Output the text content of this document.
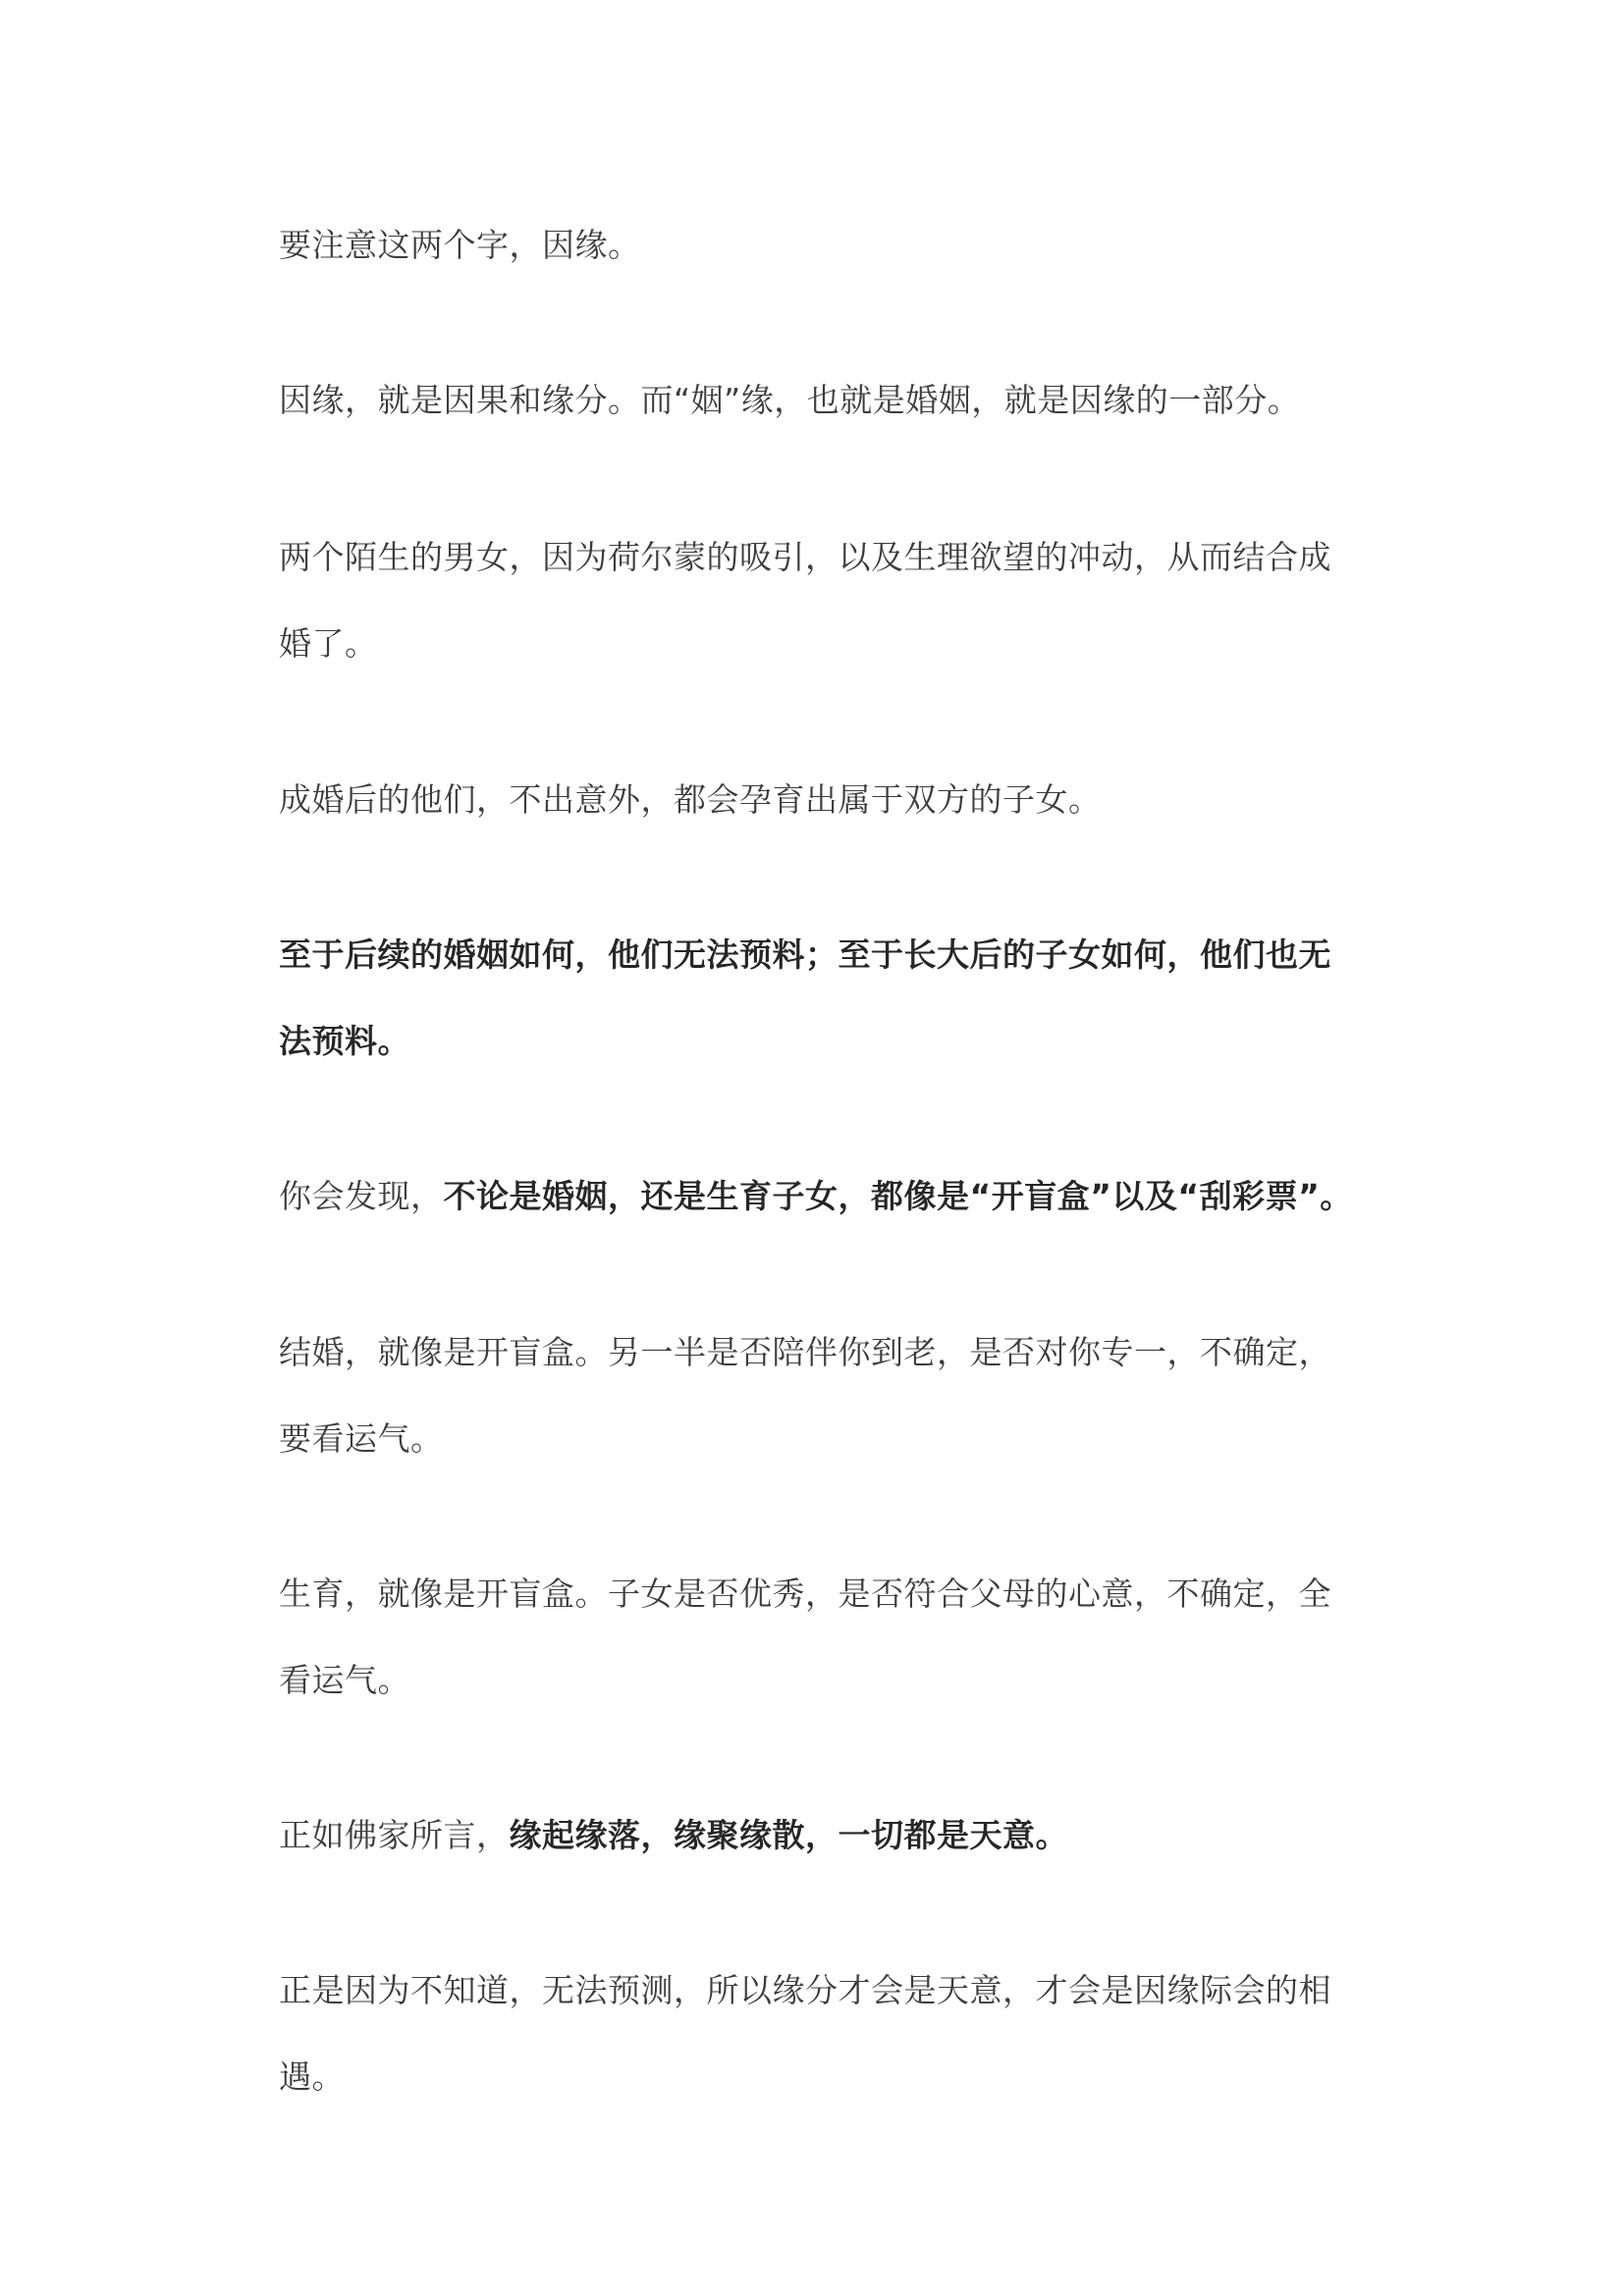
要注意这两个字，因缘。

因缘，就是因果和缘分。而“姻”缘，也就是婚姻，就是因缘的一部分。

两个陌生的男女，因为荷尔蒙的吸引，以及生理欲望的冲动，从而结合成婚了。

成婚后的他们，不出意外，都会孕育出属于双方的子女。

至于后续的婚姻如何，他们无法预料；至于长大后的子女如何，他们也无法预料。

你会发现，不论是婚姻，还是生育子女，都像是“开盲盒”以及“刮彩票”。

结婚，就像是开盲盒。另一半是否陪伴你到老，是否对你专一，不确定，要看运气。

生育，就像是开盲盒。子女是否优秀，是否符合父母的心意，不确定，全看运气。

正如佛家所言，缘起缘落，缘聚缘散，一切都是天意。

正是因为不知道，无法预测，所以缘分才会是天意，才会是因缘际会的相遇。
